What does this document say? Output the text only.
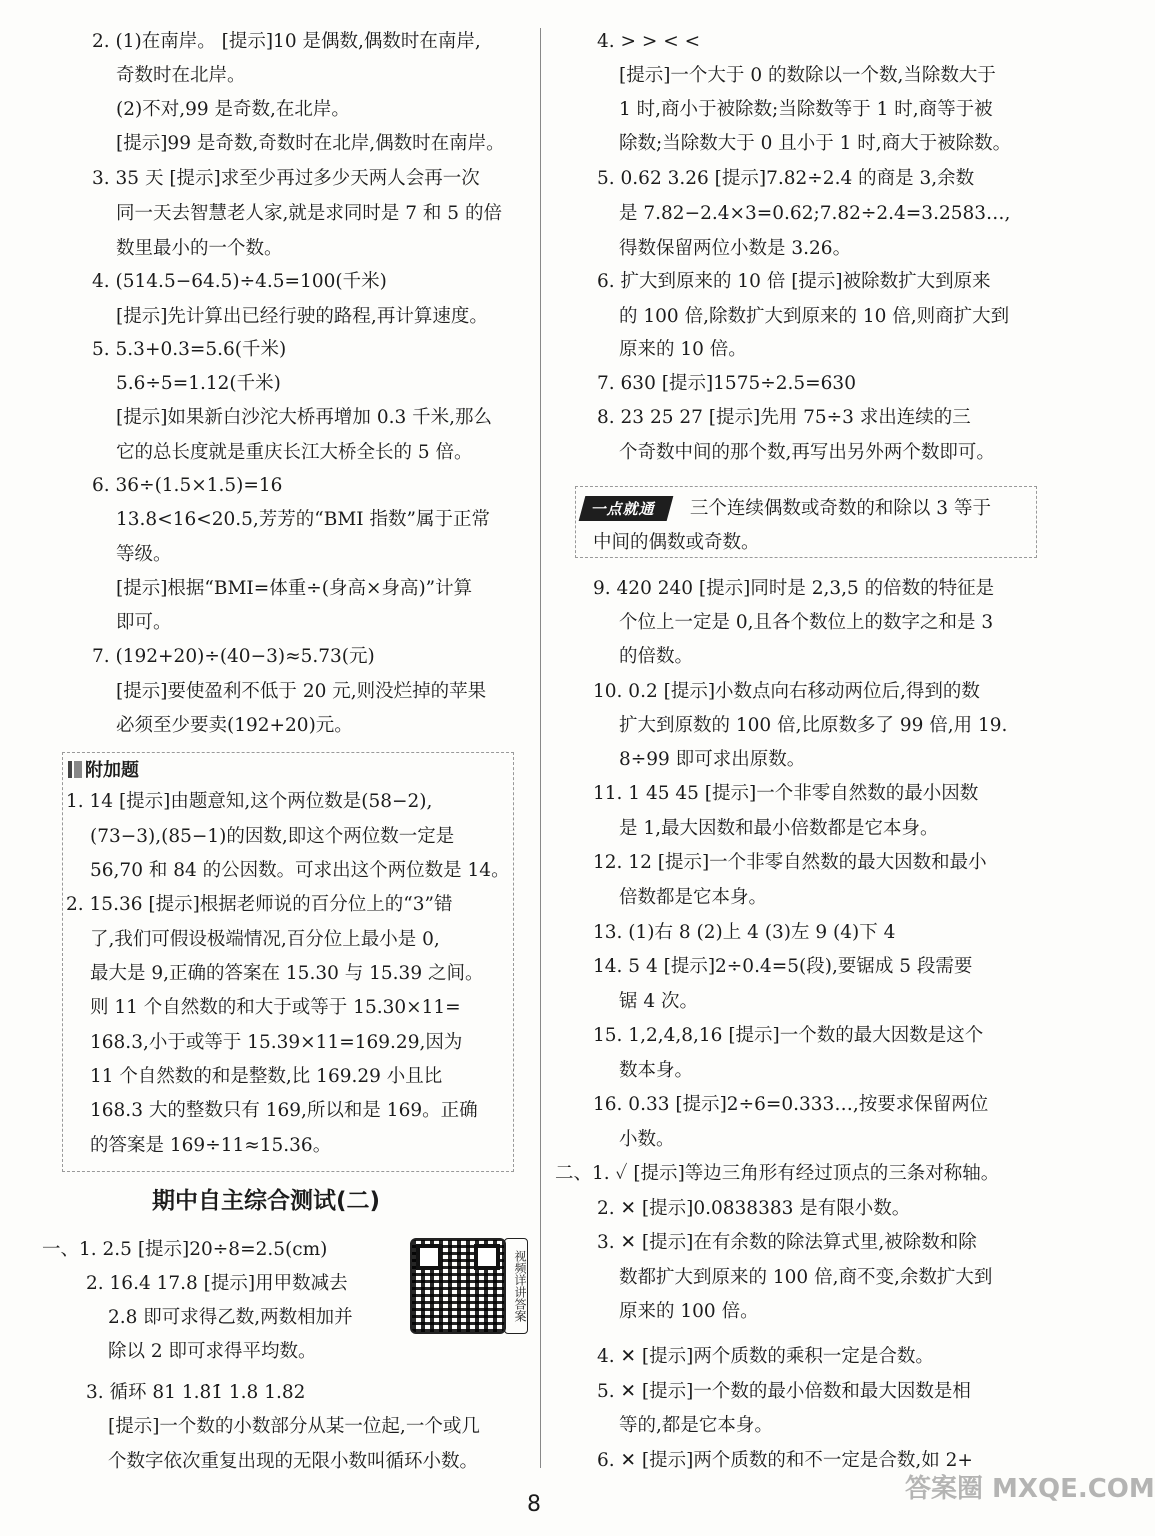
2. (1)在南岸。 [提示]10 是偶数,偶数时在南岸,
奇数时在北岸。
(2)不对,99 是奇数,在北岸。
[提示]99 是奇数,奇数时在北岸,偶数时在南岸。
3. 35 天 [提示]求至少再过多少天两人会再一次
同一天去智慧老人家,就是求同时是 7 和 5 的倍
数里最小的一个数。
4. (514.5−64.5)÷4.5=100(千米)
[提示]先计算出已经行驶的路程,再计算速度。
5. 5.3+0.3=5.6(千米)
5.6÷5=1.12(千米)
[提示]如果新白沙沱大桥再增加 0.3 千米,那么
它的总长度就是重庆长江大桥全长的 5 倍。
6. 36÷(1.5×1.5)=16
13.8<16<20.5,芳芳的“BMI 指数”属于正常
等级。
[提示]根据“BMI=体重÷(身高×身高)”计算
即可。
7. (192+20)÷(40−3)≈5.73(元)
[提示]要使盈利不低于 20 元,则没烂掉的苹果
必须至少要卖(192+20)元。
1. 14 [提示]由题意知,这个两位数是(58−2),
(73−3),(85−1)的因数,即这个两位数一定是
56,70 和 84 的公因数。可求出这个两位数是 14。
2. 15.36 [提示]根据老师说的百分位上的“3”错
了,我们可假设极端情况,百分位上最小是 0,
最大是 9,正确的答案在 15.30 与 15.39 之间。
则 11 个自然数的和大于或等于 15.30×11=
168.3,小于或等于 15.39×11=169.29,因为
11 个自然数的和是整数,比 169.29 小且比
168.3 大的整数只有 169,所以和是 169。正确
的答案是 169÷11≈15.36。
一、1. 2.5 [提示]20÷8=2.5(cm)
2. 16.4 17.8 [提示]用甲数减去
2.8 即可求得乙数,两数相加并
除以 2 即可求得平均数。
3. 循环 81 1.8̇1̇ 1.8 1.82
[提示]一个数的小数部分从某一位起,一个或几
个数字依次重复出现的无限小数叫循环小数。
4. > > < <
[提示]一个大于 0 的数除以一个数,当除数大于
1 时,商小于被除数;当除数等于 1 时,商等于被
除数;当除数大于 0 且小于 1 时,商大于被除数。
5. 0.62 3.26 [提示]7.82÷2.4 的商是 3,余数
是 7.82−2.4×3=0.62;7.82÷2.4=3.2583…,
得数保留两位小数是 3.26。
6. 扩大到原来的 10 倍 [提示]被除数扩大到原来
的 100 倍,除数扩大到原来的 10 倍,则商扩大到
原来的 10 倍。
7. 630 [提示]1575÷2.5=630
8. 23 25 27 [提示]先用 75÷3 求出连续的三
个奇数中间的那个数,再写出另外两个数即可。
中间的偶数或奇数。
9. 420 240 [提示]同时是 2,3,5 的倍数的特征是
个位上一定是 0,且各个数位上的数字之和是 3
的倍数。
10. 0.2 [提示]小数点向右移动两位后,得到的数
扩大到原数的 100 倍,比原数多了 99 倍,用 19.
8÷99 即可求出原数。
11. 1 45 45 [提示]一个非零自然数的最小因数
是 1,最大因数和最小倍数都是它本身。
12. 12 [提示]一个非零自然数的最大因数和最小
倍数都是它本身。
13. (1)右 8 (2)上 4 (3)左 9 (4)下 4
14. 5 4 [提示]2÷0.4=5(段),要锯成 5 段需要
锯 4 次。
15. 1,2,4,8,16 [提示]一个数的最大因数是这个
数本身。
16. 0.33 [提示]2÷6=0.333…,按要求保留两位
小数。
二、1. ✓ [提示]等边三角形有经过顶点的三条对称轴。
2. ✕ [提示]0.0838383 是有限小数。
3. ✕ [提示]在有余数的除法算式里,被除数和除
数都扩大到原来的 100 倍,商不变,余数扩大到
原来的 100 倍。
4. ✕ [提示]两个质数的乘积一定是合数。
5. ✕ [提示]一个数的最小倍数和最大因数是相
等的,都是它本身。
6. ✕ [提示]两个质数的和不一定是合数,如 2+
附加题
期中自主综合测试(二)
视频详讲答案
一点就通 三个连续偶数或奇数的和除以 3 等于
8
答案圈 MXQE.COM
